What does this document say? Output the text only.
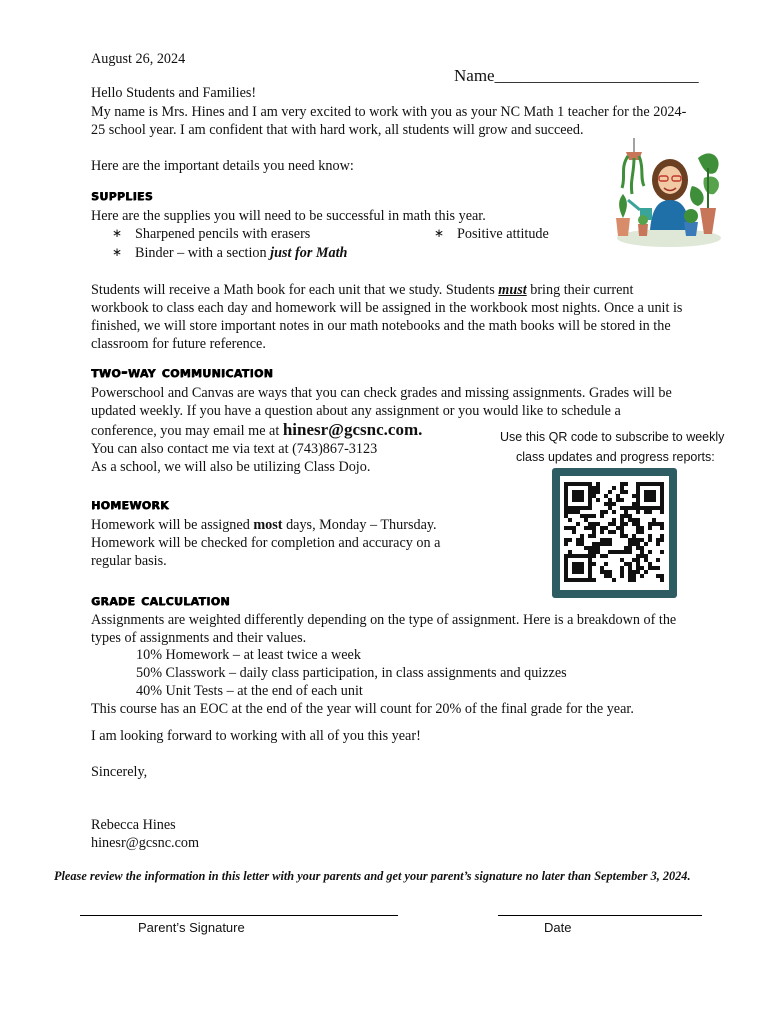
August 26, 2024
Name________________________
Hello Students and Families!
My name is Mrs. Hines and I am very excited to work with you as your NC Math 1 teacher for the 2024-
25 school year. I am confident that with hard work, all students will grow and succeed.
Here are the important details you need know:
supplies
Here are the supplies you will need to be successful in math this year.
∗ Sharpened pencils with erasers	∗ Positive attitude
∗ Binder – with a section just for Math
Students will receive a Math book for each unit that we study. Students must bring their current
workbook to class each day and homework will be assigned in the workbook most nights. Once a unit is
finished, we will store important notes in our math notebooks and the math books will be stored in the
classroom for future reference.
two-way communication
Powerschool and Canvas are ways that you can check grades and missing assignments. Grades will be
updated weekly. If you have a question about any assignment or you would like to schedule a
conference, you may email me at hinesr@gcsnc.com.
You can also contact me via text at (743)867-3123
As a school, we will also be utilizing Class Dojo.
Use this QR code to subscribe to weekly
class updates and progress reports:
homework
Homework will be assigned most days, Monday – Thursday.
Homework will be checked for completion and accuracy on a
regular basis.
grade calculation
Assignments are weighted differently depending on the type of assignment. Here is a breakdown of the
types of assignments and their values.
10% Homework – at least twice a week
50% Classwork – daily class participation, in class assignments and quizzes
40% Unit Tests – at the end of each unit
This course has an EOC at the end of the year will count for 20% of the final grade for the year.
I am looking forward to working with all of you this year!
Sincerely,
Rebecca Hines
hinesr@gcsnc.com
Please review the information in this letter with your parents and get your parent’s signature no later than September 3, 2024.
Parent’s Signature	Date
